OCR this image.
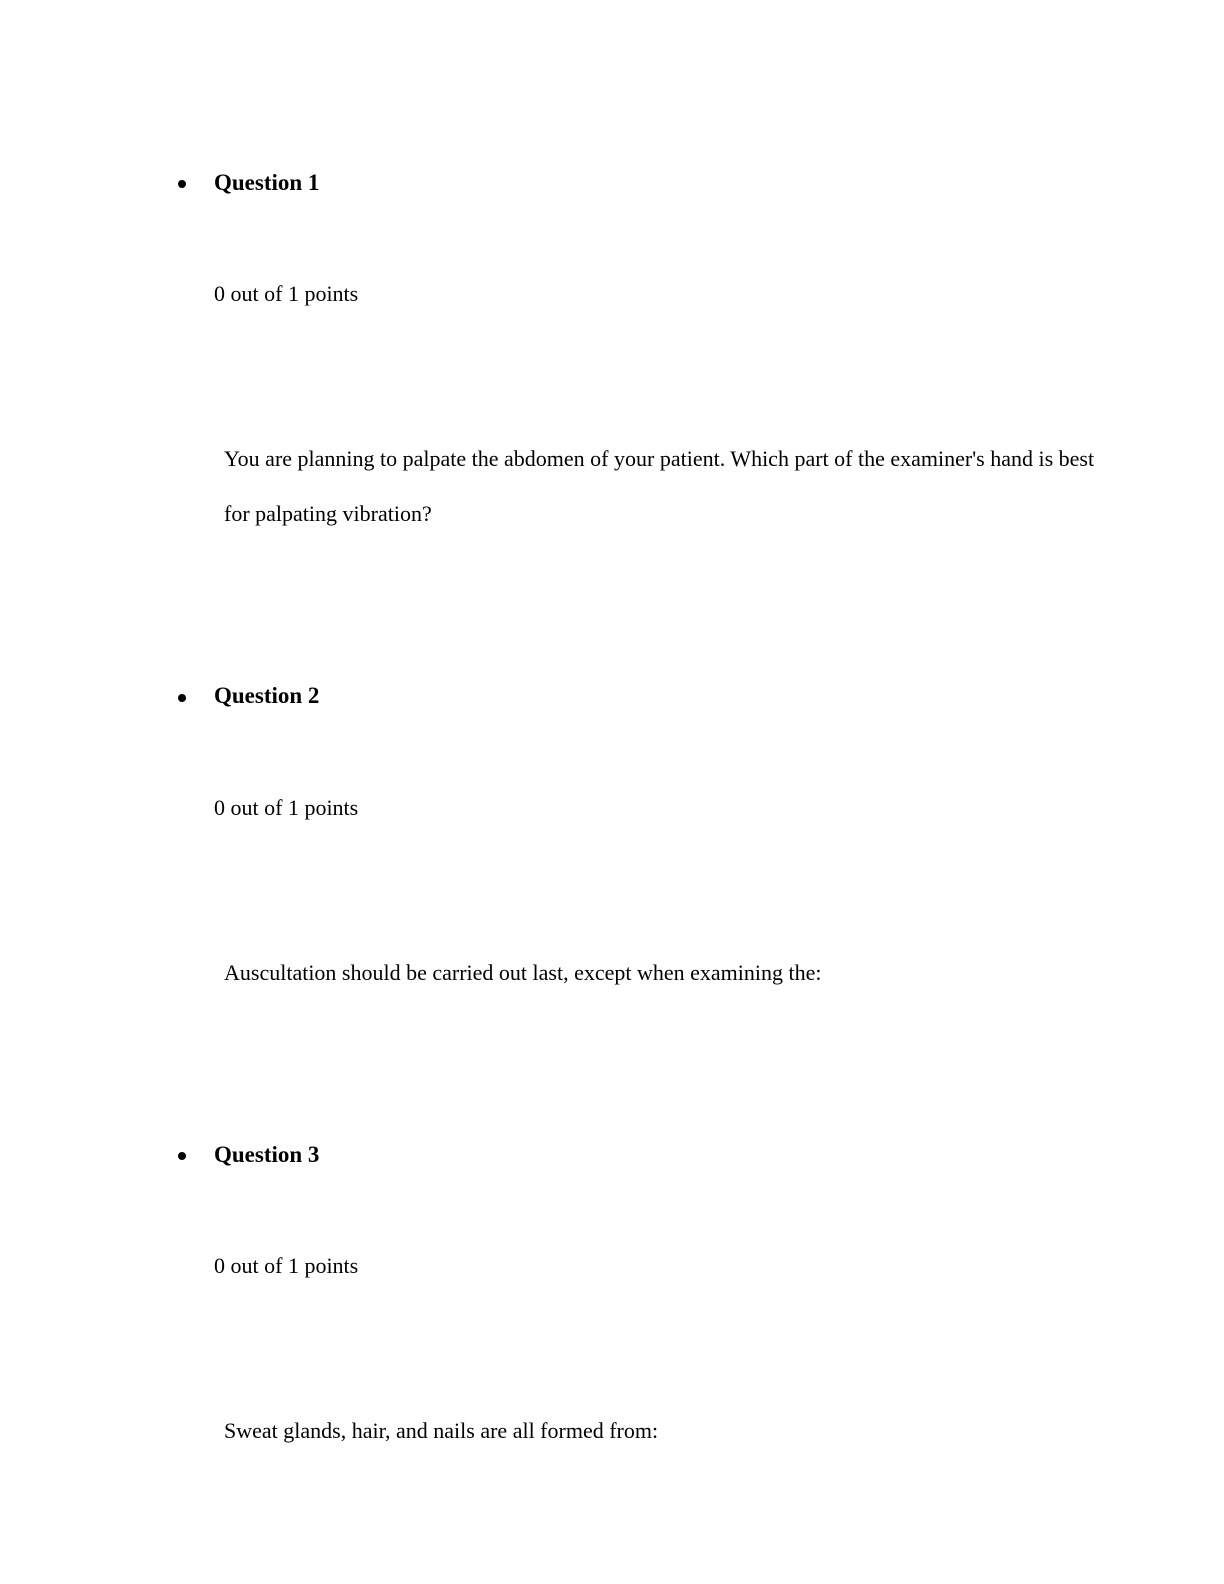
Question 1
0 out of 1 points
You are planning to palpate the abdomen of your patient. Which part of the examiner's hand is best for palpating vibration?
Question 2
0 out of 1 points
Auscultation should be carried out last, except when examining the:
Question 3
0 out of 1 points
Sweat glands, hair, and nails are all formed from:
